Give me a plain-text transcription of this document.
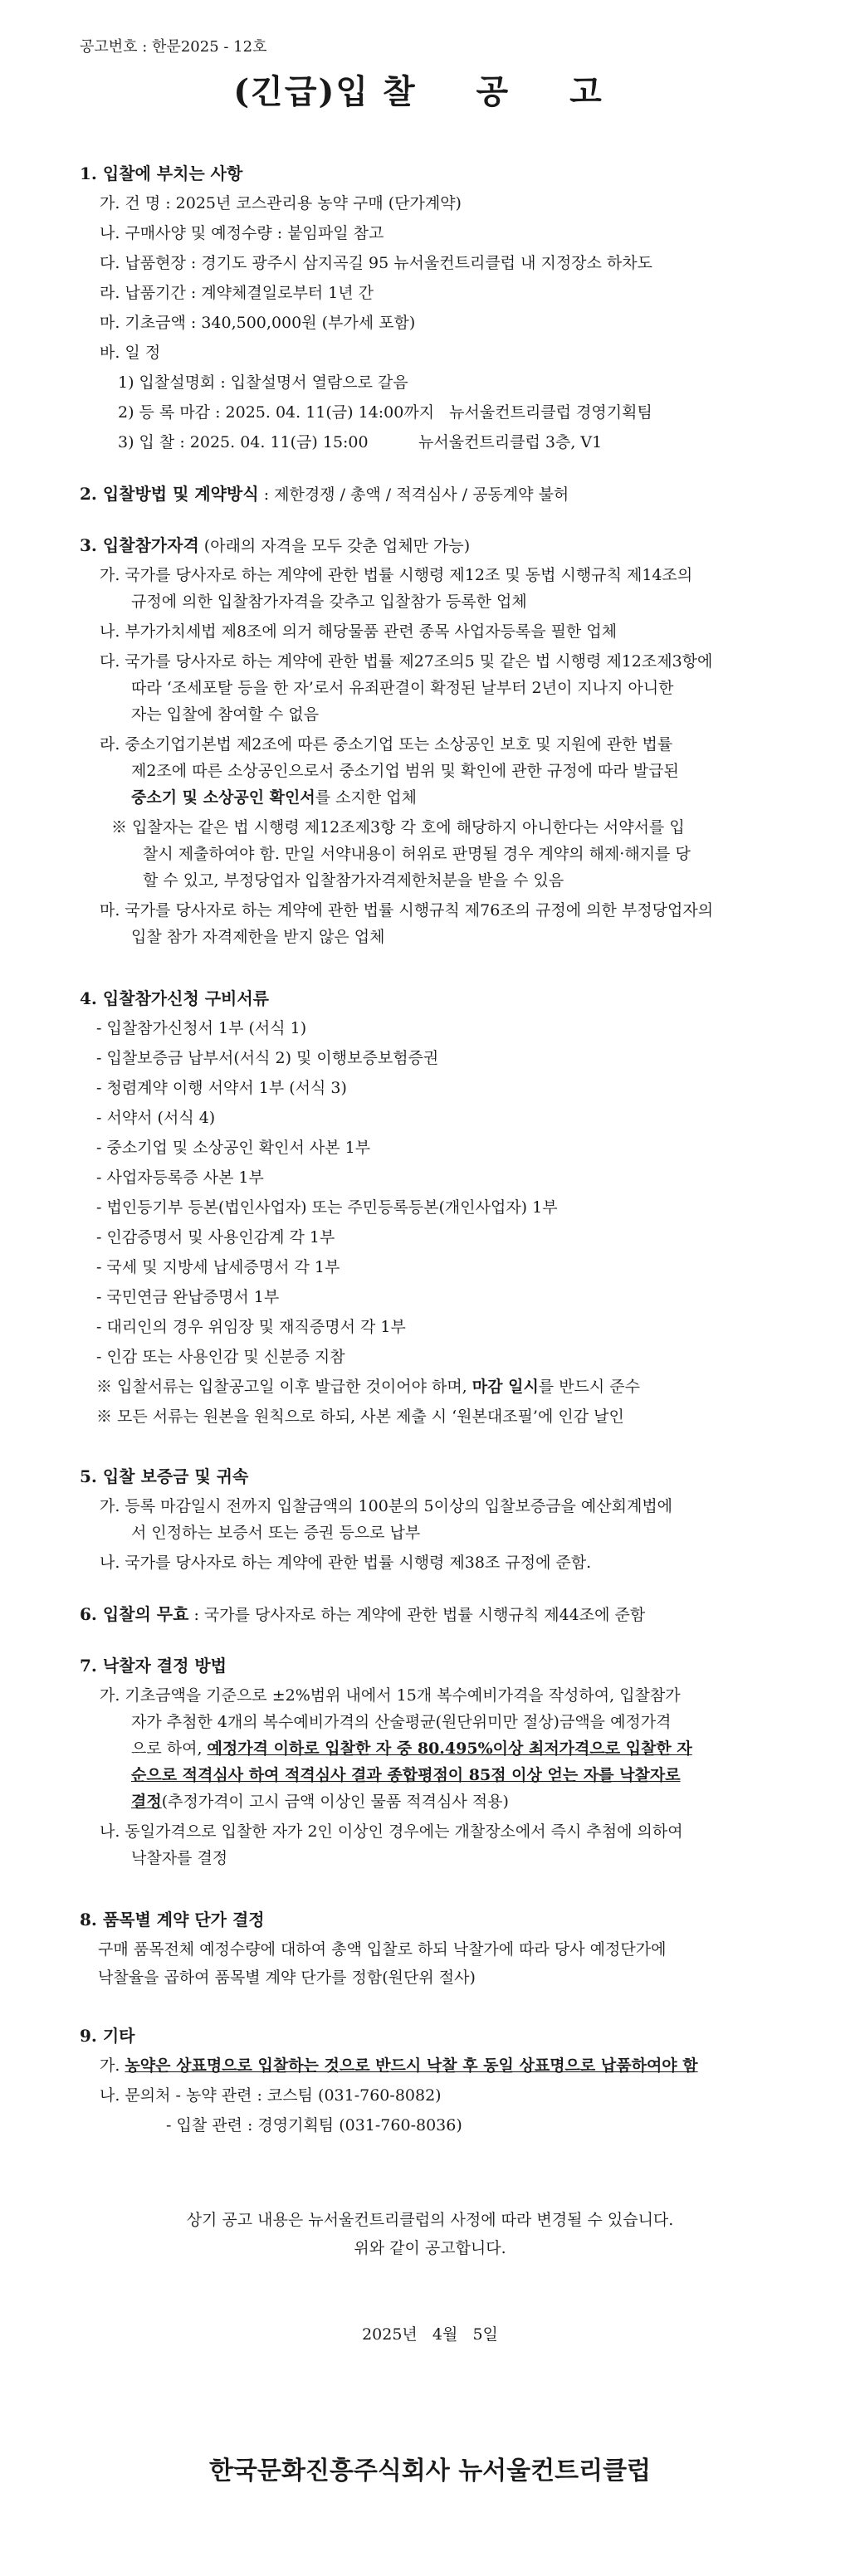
공고번호 : 한문2025 - 12호
(긴급)입 찰 공 고
1. 입찰에 부치는 사항
가. 건 명 : 2025년 코스관리용 농약 구매 (단가계약)
나. 구매사양 및 예정수량 : 붙임파일 참고
다. 납품현장 : 경기도 광주시 삼지곡길 95 뉴서울컨트리클럽 내 지정장소 하차도
라. 납품기간 : 계약체결일로부터 1년 간
마. 기초금액 : 340,500,000원 (부가세 포함)
바. 일 정
1) 입찰설명회 : 입찰설명서 열람으로 갈음
2) 등 록 마감 : 2025. 04. 11(금) 14:00까지   뉴서울컨트리클럽 경영기획팀
3) 입 찰 : 2025. 04. 11(금) 15:00          뉴서울컨트리클럽 3층, V1
2. 입찰방법 및 계약방식 : 제한경쟁 / 총액 / 적격심사 / 공동계약 불허
3. 입찰참가자격 (아래의 자격을 모두 갖춘 업체만 가능)
가. 국가를 당사자로 하는 계약에 관한 법률 시행령 제12조 및 동법 시행규칙 제14조의
규정에 의한 입찰참가자격을 갖추고 입찰참가 등록한 업체
나. 부가가치세법 제8조에 의거 해당물품 관련 종목 사업자등록을 필한 업체
다. 국가를 당사자로 하는 계약에 관한 법률 제27조의5 및 같은 법 시행령 제12조제3항에
따라 ‘조세포탈 등을 한 자’로서 유죄판결이 확정된 날부터 2년이 지나지 아니한
자는 입찰에 참여할 수 없음
라. 중소기업기본법 제2조에 따른 중소기업 또는 소상공인 보호 및 지원에 관한 법률
제2조에 따른 소상공인으로서 중소기업 범위 및 확인에 관한 규정에 따라 발급된
중소기 및 소상공인 확인서를 소지한 업체
※ 입찰자는 같은 법 시행령 제12조제3항 각 호에 해당하지 아니한다는 서약서를 입
찰시 제출하여야 함. 만일 서약내용이 허위로 판명될 경우 계약의 해제·해지를 당
할 수 있고, 부정당업자 입찰참가자격제한처분을 받을 수 있음
마. 국가를 당사자로 하는 계약에 관한 법률 시행규칙 제76조의 규정에 의한 부정당업자의
입찰 참가 자격제한을 받지 않은 업체
4. 입찰참가신청 구비서류
- 입찰참가신청서 1부 (서식 1)
- 입찰보증금 납부서(서식 2) 및 이행보증보험증권
- 청렴계약 이행 서약서 1부 (서식 3)
- 서약서 (서식 4)
- 중소기업 및 소상공인 확인서 사본 1부
- 사업자등록증 사본 1부
- 법인등기부 등본(법인사업자) 또는 주민등록등본(개인사업자) 1부
- 인감증명서 및 사용인감계 각 1부
- 국세 및 지방세 납세증명서 각 1부
- 국민연금 완납증명서 1부
- 대리인의 경우 위임장 및 재직증명서 각 1부
- 인감 또는 사용인감 및 신분증 지참
※ 입찰서류는 입찰공고일 이후 발급한 것이어야 하며, 마감 일시를 반드시 준수
※ 모든 서류는 원본을 원칙으로 하되, 사본 제출 시 ‘원본대조필’에 인감 날인
5. 입찰 보증금 및 귀속
가. 등록 마감일시 전까지 입찰금액의 100분의 5이상의 입찰보증금을 예산회계법에
서 인정하는 보증서 또는 증권 등으로 납부
나. 국가를 당사자로 하는 계약에 관한 법률 시행령 제38조 규정에 준함.
6. 입찰의 무효 : 국가를 당사자로 하는 계약에 관한 법률 시행규칙 제44조에 준함
7. 낙찰자 결정 방법
가. 기초금액을 기준으로 ±2%범위 내에서 15개 복수예비가격을 작성하여, 입찰참가
자가 추첨한 4개의 복수예비가격의 산술평균(원단위미만 절상)금액을 예정가격
으로 하여, 예정가격 이하로 입찰한 자 중 80.495%이상 최저가격으로 입찰한 자
순으로 적격심사 하여 적격심사 결과 종합평점이 85점 이상 얻는 자를 낙찰자로
결정(추정가격이 고시 금액 이상인 물품 적격심사 적용)
나. 동일가격으로 입찰한 자가 2인 이상인 경우에는 개찰장소에서 즉시 추첨에 의하여
낙찰자를 결정
8. 품목별 계약 단가 결정
구매 품목전체 예정수량에 대하여 총액 입찰로 하되 낙찰가에 따라 당사 예정단가에
낙찰율을 곱하여 품목별 계약 단가를 정함(원단위 절사)
9. 기타
가. 농약은 상표명으로 입찰하는 것으로 반드시 낙찰 후 동일 상표명으로 납품하여야 함
나. 문의처 - 농약 관련 : 코스팀 (031-760-8082)
- 입찰 관련 : 경영기획팀 (031-760-8036)
상기 공고 내용은 뉴서울컨트리클럽의 사정에 따라 변경될 수 있습니다.
위와 같이 공고합니다.
2025년   4월   5일
한국문화진흥주식회사 뉴서울컨트리클럽
